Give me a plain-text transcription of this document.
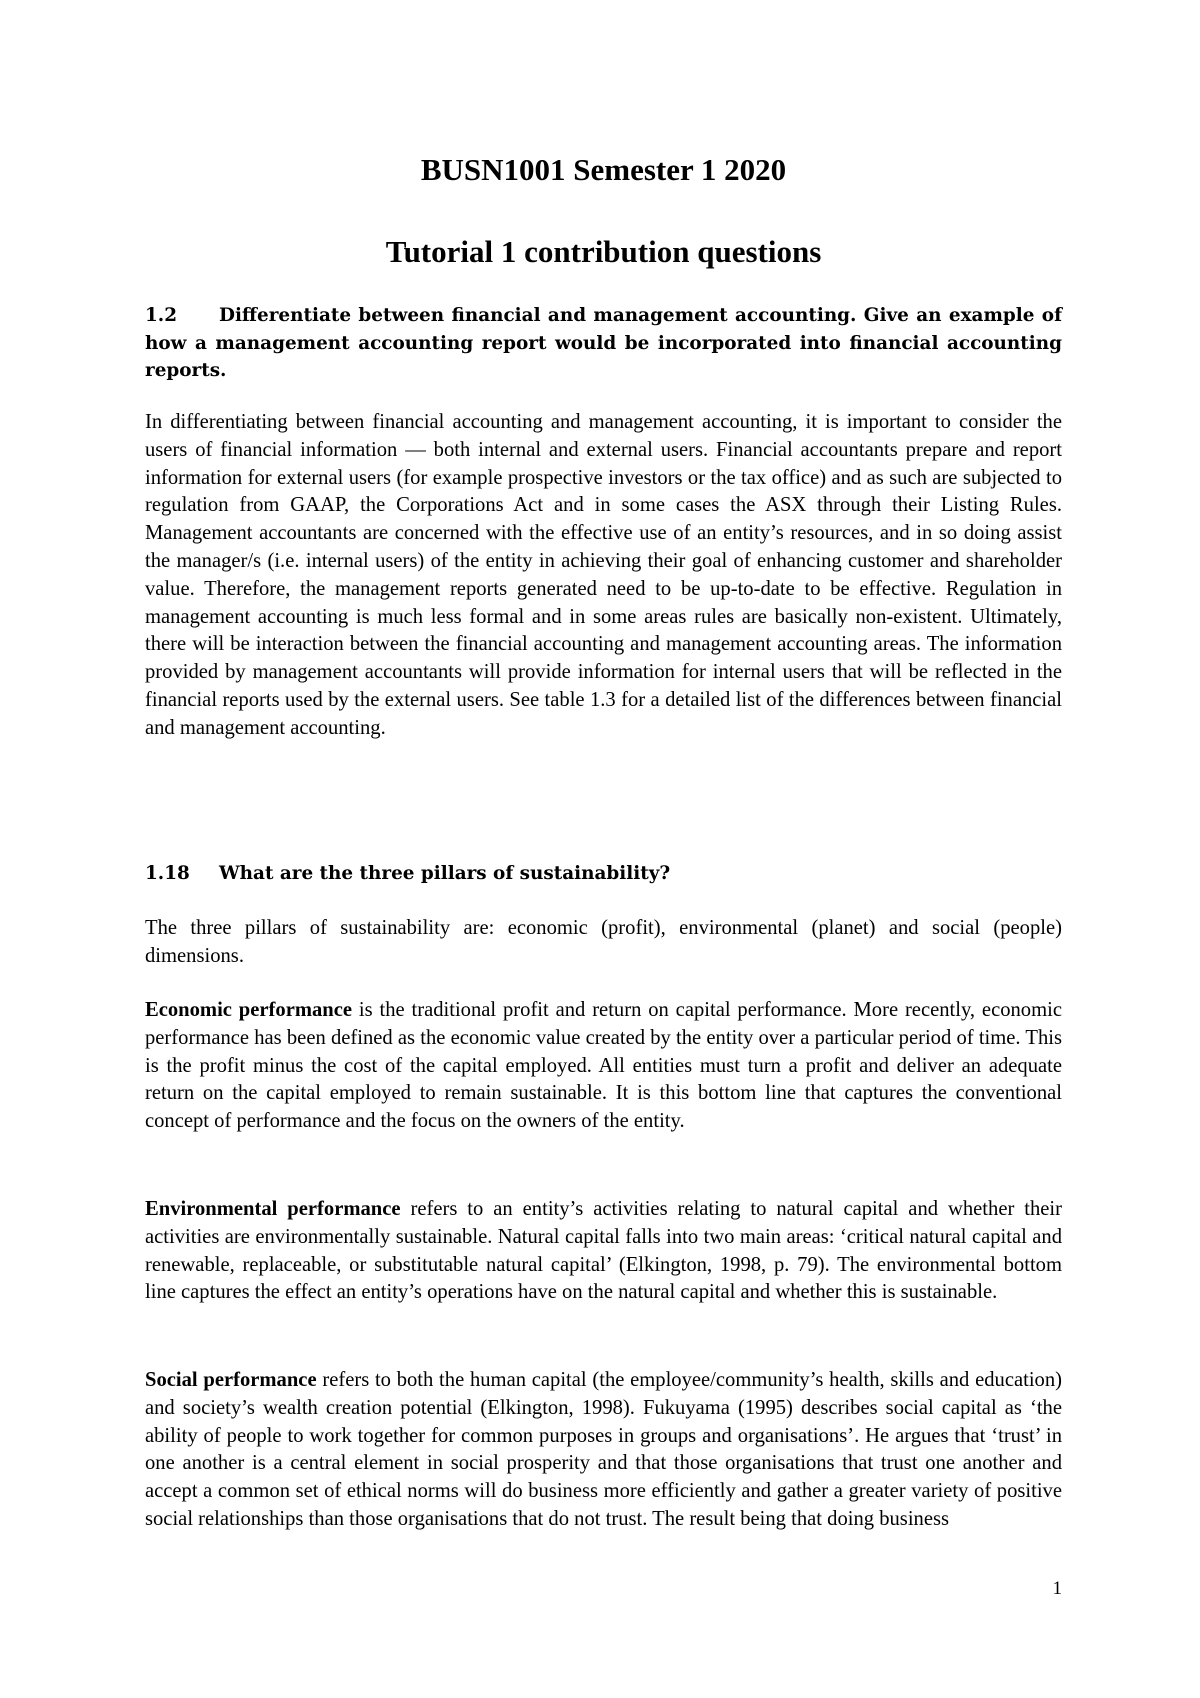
BUSN1001 Semester 1 2020
Tutorial 1 contribution questions

1.2 Differentiate between financial and management accounting. Give an example of how a management accounting report would be incorporated into financial accounting reports.

In differentiating between financial accounting and management accounting, it is important to consider the users of financial information — both internal and external users. Financial accountants prepare and report information for external users (for example prospective investors or the tax office) and as such are subjected to regulation from GAAP, the Corporations Act and in some cases the ASX through their Listing Rules. Management accountants are concerned with the effective use of an entity’s resources, and in so doing assist the manager/s (i.e. internal users) of the entity in achieving their goal of enhancing customer and shareholder value. Therefore, the management reports generated need to be up-to-date to be effective. Regulation in management accounting is much less formal and in some areas rules are basically non-existent. Ultimately, there will be interaction between the financial accounting and management accounting areas. The information provided by management accountants will provide information for internal users that will be reflected in the financial reports used by the external users. See table 1.3 for a detailed list of the differences between financial and management accounting.

1.18 What are the three pillars of sustainability?

The three pillars of sustainability are: economic (profit), environmental (planet) and social (people) dimensions.

Economic performance is the traditional profit and return on capital performance. More recently, economic performance has been defined as the economic value created by the entity over a particular period of time. This is the profit minus the cost of the capital employed. All entities must turn a profit and deliver an adequate return on the capital employed to remain sustainable. It is this bottom line that captures the conventional concept of performance and the focus on the owners of the entity.

Environmental performance refers to an entity’s activities relating to natural capital and whether their activities are environmentally sustainable. Natural capital falls into two main areas: ‘critical natural capital and renewable, replaceable, or substitutable natural capital’ (Elkington, 1998, p. 79). The environmental bottom line captures the effect an entity’s operations have on the natural capital and whether this is sustainable.

Social performance refers to both the human capital (the employee/community’s health, skills and education) and society’s wealth creation potential (Elkington, 1998). Fukuyama (1995) describes social capital as ‘the ability of people to work together for common purposes in groups and organisations’. He argues that ‘trust’ in one another is a central element in social prosperity and that those organisations that trust one another and accept a common set of ethical norms will do business more efficiently and gather a greater variety of positive social relationships than those organisations that do not trust. The result being that doing business

1
